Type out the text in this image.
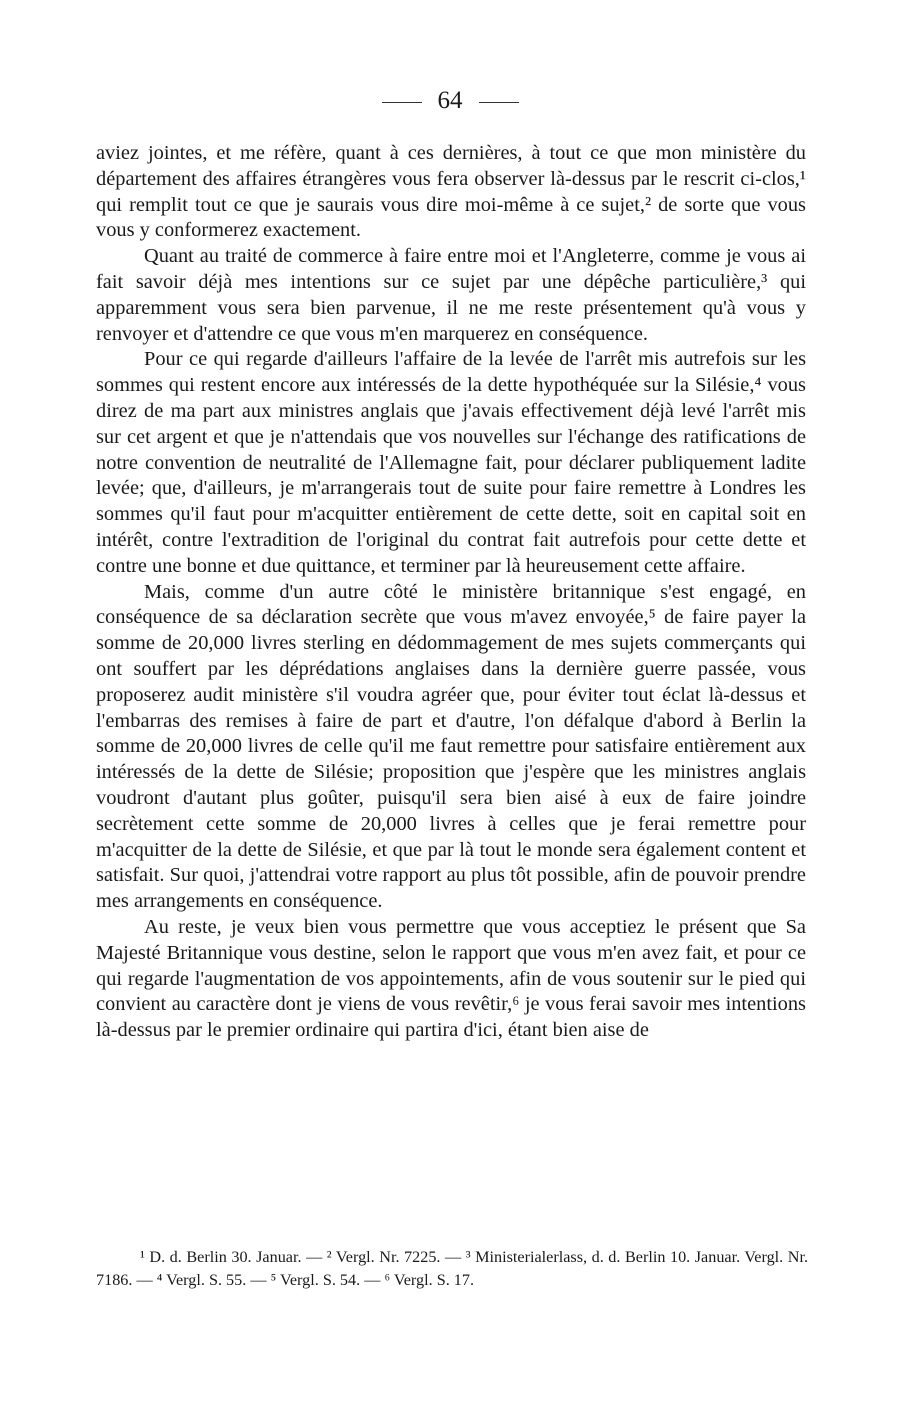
64

aviez jointes, et me réfère, quant à ces dernières, à tout ce que mon ministère du département des affaires étrangères vous fera observer là-dessus par le rescrit ci-clos,¹ qui remplit tout ce que je saurais vous dire moi-même à ce sujet,² de sorte que vous vous y conformerez exactement.

Quant au traité de commerce à faire entre moi et l'Angleterre, comme je vous ai fait savoir déjà mes intentions sur ce sujet par une dépêche particulière,³ qui apparemment vous sera bien parvenue, il ne me reste présentement qu'à vous y renvoyer et d'attendre ce que vous m'en marquerez en conséquence.

Pour ce qui regarde d'ailleurs l'affaire de la levée de l'arrêt mis autrefois sur les sommes qui restent encore aux intéressés de la dette hypothéquée sur la Silésie,⁴ vous direz de ma part aux ministres anglais que j'avais effectivement déjà levé l'arrêt mis sur cet argent et que je n'attendais que vos nouvelles sur l'échange des ratifications de notre convention de neutralité de l'Allemagne fait, pour déclarer publiquement ladite levée; que, d'ailleurs, je m'arrangerais tout de suite pour faire remettre à Londres les sommes qu'il faut pour m'acquitter entièrement de cette dette, soit en capital soit en intérêt, contre l'extradition de l'original du contrat fait autrefois pour cette dette et contre une bonne et due quittance, et terminer par là heureusement cette affaire.

Mais, comme d'un autre côté le ministère britannique s'est engagé, en conséquence de sa déclaration secrète que vous m'avez envoyée,⁵ de faire payer la somme de 20,000 livres sterling en dédommagement de mes sujets commerçants qui ont souffert par les déprédations anglaises dans la dernière guerre passée, vous proposerez audit ministère s'il voudra agréer que, pour éviter tout éclat là-dessus et l'embarras des remises à faire de part et d'autre, l'on défalque d'abord à Berlin la somme de 20,000 livres de celle qu'il me faut remettre pour satisfaire entièrement aux intéressés de la dette de Silésie; proposition que j'espère que les ministres anglais voudront d'autant plus goûter, puisqu'il sera bien aisé à eux de faire joindre secrètement cette somme de 20,000 livres à celles que je ferai remettre pour m'acquitter de la dette de Silésie, et que par là tout le monde sera également content et satisfait. Sur quoi, j'attendrai votre rapport au plus tôt possible, afin de pouvoir prendre mes arrangements en conséquence.

Au reste, je veux bien vous permettre que vous acceptiez le présent que Sa Majesté Britannique vous destine, selon le rapport que vous m'en avez fait, et pour ce qui regarde l'augmentation de vos appointements, afin de vous soutenir sur le pied qui convient au caractère dont je viens de vous revêtir,⁶ je vous ferai savoir mes intentions là-dessus par le premier ordinaire qui partira d'ici, étant bien aise de

¹ D. d. Berlin 30. Januar. — ² Vergl. Nr. 7225. — ³ Ministerialerlass, d. d. Berlin 10. Januar. Vergl. Nr. 7186. — ⁴ Vergl. S. 55. — ⁵ Vergl. S. 54. — ⁶ Vergl. S. 17.
